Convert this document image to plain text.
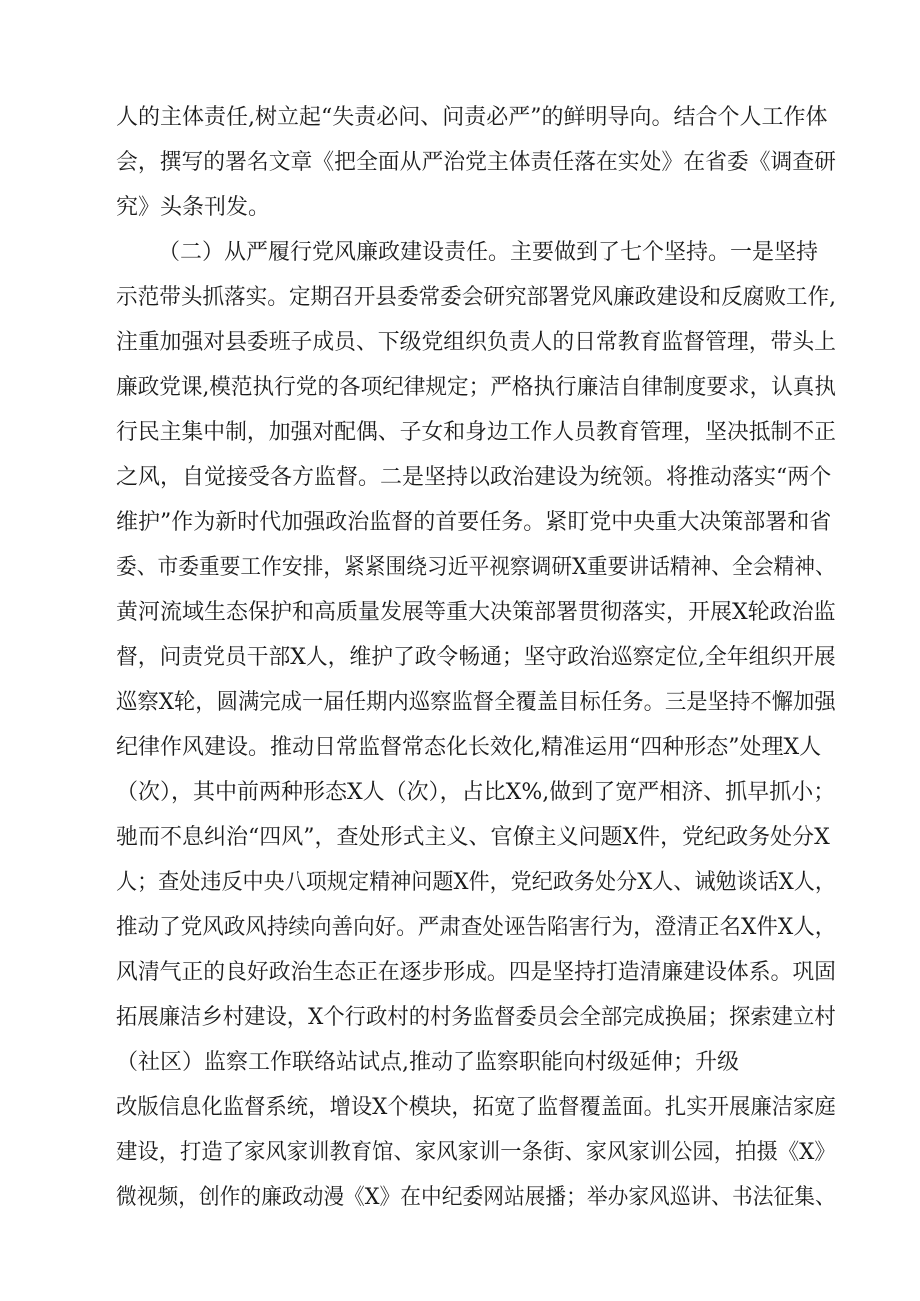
人的主体责任,树立起“失责必问、问责必严”的鲜明导向。结合个人工作体
会，撰写的署名文章《把全面从严治党主体责任落在实处》在省委《调查研
究》头条刊发。
（二）从严履行党风廉政建设责任。主要做到了七个坚持。一是坚持
示范带头抓落实。定期召开县委常委会研究部署党风廉政建设和反腐败工作,
注重加强对县委班子成员、下级党组织负责人的日常教育监督管理，带头上
廉政党课,模范执行党的各项纪律规定；严格执行廉洁自律制度要求，认真执
行民主集中制，加强对配偶、子女和身边工作人员教育管理，坚决抵制不正
之风，自觉接受各方监督。二是坚持以政治建设为统领。将推动落实“两个
维护”作为新时代加强政治监督的首要任务。紧盯党中央重大决策部署和省
委、市委重要工作安排，紧紧围绕习近平视察调研X重要讲话精神、全会精神、
黄河流域生态保护和高质量发展等重大决策部署贯彻落实，开展X轮政治监
督，问责党员干部X人，维护了政令畅通；坚守政治巡察定位,全年组织开展
巡察X轮，圆满完成一届任期内巡察监督全覆盖目标任务。三是坚持不懈加强
纪律作风建设。推动日常监督常态化长效化,精准运用“四种形态”处理X人
（次），其中前两种形态X人（次），占比X%,做到了宽严相济、抓早抓小；
驰而不息纠治“四风”，查处形式主义、官僚主义问题X件，党纪政务处分X
人；查处违反中央八项规定精神问题X件，党纪政务处分X人、诫勉谈话X人，
推动了党风政风持续向善向好。严肃查处诬告陷害行为，澄清正名X件X人，
风清气正的良好政治生态正在逐步形成。四是坚持打造清廉建设体系。巩固
拓展廉洁乡村建设，X个行政村的村务监督委员会全部完成换届；探索建立村
（社区）监察工作联络站试点,推动了监察职能向村级延伸；升级
改版信息化监督系统，增设X个模块，拓宽了监督覆盖面。扎实开展廉洁家庭
建设，打造了家风家训教育馆、家风家训一条街、家风家训公园，拍摄《X》
微视频，创作的廉政动漫《X》在中纪委网站展播；举办家风巡讲、书法征集、
